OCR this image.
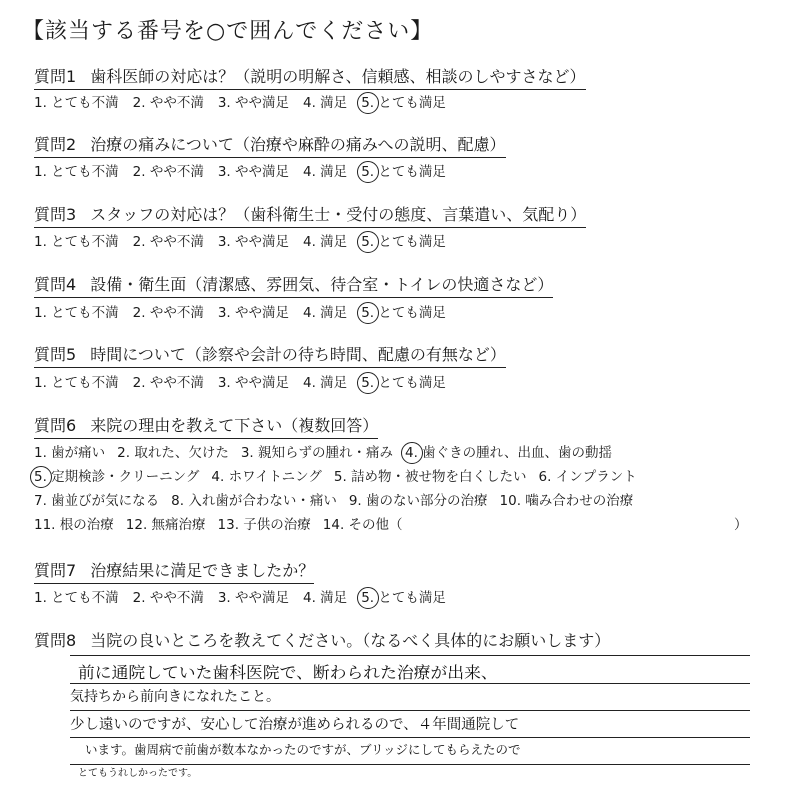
【該当する番号を○で囲んでください】
質問1 歯科医師の対応は？（説明の明解さ、信頼感、相談のしやすさなど）
1. とても不満 2. やや不満 3. やや満足 4. 満足 5. とても満足
質問2 治療の痛みについて（治療や麻酔の痛みへの説明、配慮）
1. とても不満 2. やや不満 3. やや満足 4. 満足 5. とても満足
質問3 スタッフの対応は？（歯科衛生士・受付の態度、言葉遣い、気配り）
1. とても不満 2. やや不満 3. やや満足 4. 満足 5. とても満足
質問4 設備・衛生面（清潔感、雰囲気、待合室・トイレの快適さなど）
1. とても不満 2. やや不満 3. やや満足 4. 満足 5. とても満足
質問5 時間について（診察や会計の待ち時間、配慮の有無など）
1. とても不満 2. やや不満 3. やや満足 4. 満足 5. とても満足
質問6 来院の理由を教えて下さい（複数回答）
1. 歯が痛い 2. 取れた、欠けた 3. 親知らずの腫れ・痛み 4. 歯ぐきの腫れ、出血、歯の動揺
5. 定期検診・クリーニング 4. ホワイトニング 5. 詰め物・被せ物を白くしたい 6. インプラント
7. 歯並びが気になる 8. 入れ歯が合わない・痛い 9. 歯のない部分の治療 10. 噛み合わせの治療
11. 根の治療 12. 無痛治療 13. 子供の治療 14. その他（	）
質問7 治療結果に満足できましたか？
1. とても不満 2. やや不満 3. やや満足 4. 満足 5. とても満足
質問8 当院の良いところを教えてください。（なるべく具体的にお願いします）
前に通院していた歯科医院で、断わられた治療が出来、
気持ちから前向きになれたこと。
少し遠いのですが、安心して治療が進められるので、４年間通院して
います。歯周病で前歯が数本なかったのですが、ブリッジにしてもらえたので
とてもうれしかったです。
